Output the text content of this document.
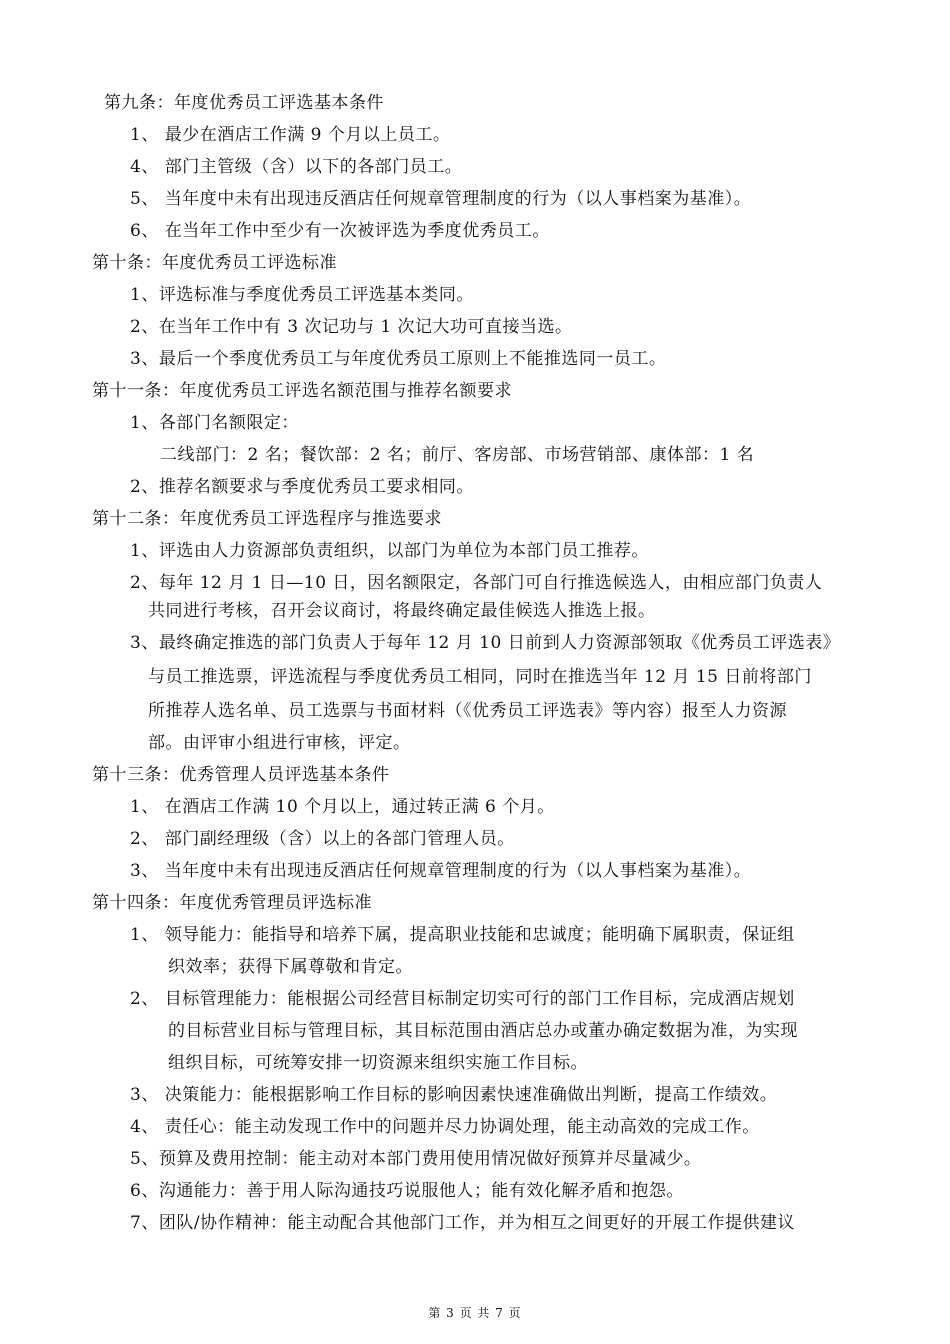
第九条：年度优秀员工评选基本条件
1、 最少在酒店工作满 9 个月以上员工。
4、 部门主管级（含）以下的各部门员工。
5、 当年度中未有出现违反酒店任何规章管理制度的行为（以人事档案为基准）。
6、 在当年工作中至少有一次被评选为季度优秀员工。
第十条：年度优秀员工评选标准
1、评选标准与季度优秀员工评选基本类同。
2、在当年工作中有 3 次记功与 1 次记大功可直接当选。
3、最后一个季度优秀员工与年度优秀员工原则上不能推选同一员工。
第十一条：年度优秀员工评选名额范围与推荐名额要求
1、各部门名额限定：
二线部门：2 名；餐饮部：2 名；前厅、客房部、市场营销部、康体部：1 名
2、推荐名额要求与季度优秀员工要求相同。
第十二条：年度优秀员工评选程序与推选要求
1、评选由人力资源部负责组织，以部门为单位为本部门员工推荐。
2、每年 12 月 1 日—10 日，因名额限定，各部门可自行推选候选人，由相应部门负责人
共同进行考核，召开会议商讨，将最终确定最佳候选人推选上报。
3、最终确定推选的部门负责人于每年 12 月 10 日前到人力资源部领取《优秀员工评选表》
与员工推选票，评选流程与季度优秀员工相同，同时在推选当年 12 月 15 日前将部门
所推荐人选名单、员工选票与书面材料（《优秀员工评选表》等内容）报至人力资源
部。由评审小组进行审核，评定。
第十三条：优秀管理人员评选基本条件
1、 在酒店工作满 10 个月以上，通过转正满 6 个月。
2、 部门副经理级（含）以上的各部门管理人员。
3、 当年度中未有出现违反酒店任何规章管理制度的行为（以人事档案为基准）。
第十四条：年度优秀管理员评选标准
1、 领导能力：能指导和培养下属，提高职业技能和忠诚度；能明确下属职责，保证组
织效率；获得下属尊敬和肯定。
2、 目标管理能力：能根据公司经营目标制定切实可行的部门工作目标，完成酒店规划
的目标营业目标与管理目标，其目标范围由酒店总办或董办确定数据为准，为实现
组织目标，可统筹安排一切资源来组织实施工作目标。
3、 决策能力：能根据影响工作目标的影响因素快速准确做出判断，提高工作绩效。
4、 责任心：能主动发现工作中的问题并尽力协调处理，能主动高效的完成工作。
5、预算及费用控制：能主动对本部门费用使用情况做好预算并尽量减少。
6、沟通能力：善于用人际沟通技巧说服他人；能有效化解矛盾和抱怨。
7、团队/协作精神：能主动配合其他部门工作，并为相互之间更好的开展工作提供建议
第 3 页 共 7 页
